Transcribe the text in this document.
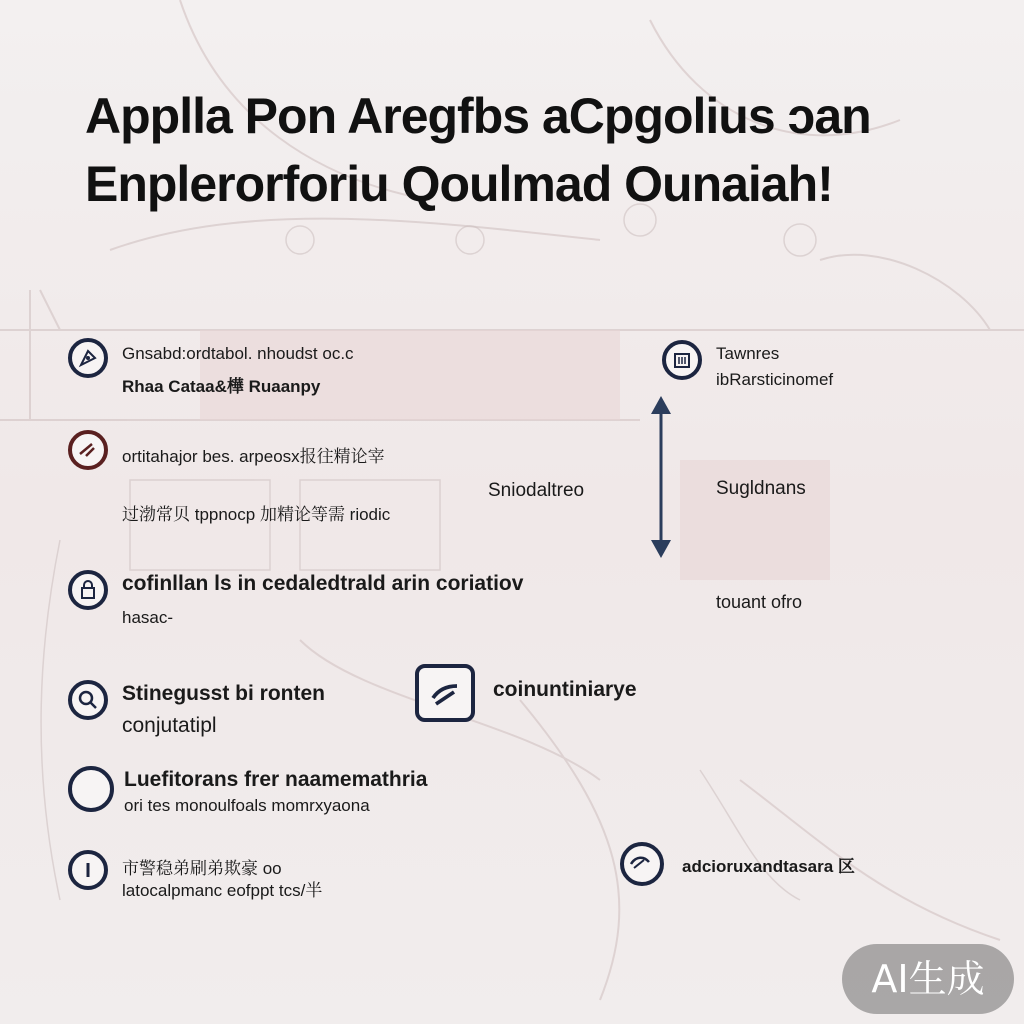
Applla Pon Aregfbs aCpgolius ɔan
Enplerorforiu Qoulmad Ounaiah!
Gnsabd:ordtabol. nhoudst oc.c
Rhaa Cataa&樺 Ruaanpy
ortitahajor bes. arpeosx报往精论宰
过渤常贝 tppnocp 加精论等需 riodic
cofinllan ls in cedaledtrald arin coriatiov
hasac-
Stinegusst bi ronten
conjutatipl
Luefitorans frer naamemathria
ori tes monoulfoals momrxyaona
市警稳弟刷弟欺豪 oo
latocalpmanc eofppt tcs/半
Sniodaltreo
coinuntiniarye
Tawnres
ibRarsticinomef
Sugldnans
touant ofro
adcioruxandtasara 区
AI生成
